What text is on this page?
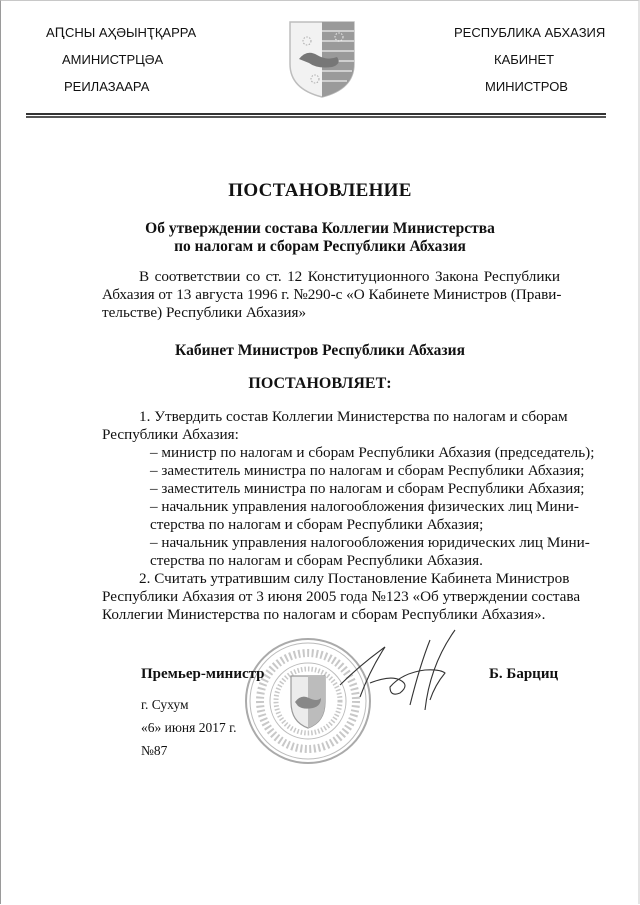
АԤСНЫ АҲӘЫНҬҚАРРА
АМИНИСТРЦӘА
РЕИЛАЗААРА
РЕСПУБЛИКА АБХАЗИЯ
КАБИНЕТ
МИНИСТРОВ
ПОСТАНОВЛЕНИЕ
Об утверждении состава Коллегии Министерства
по налогам и сборам Республики Абхазия
В соответствии со ст. 12 Конституционного Закона Республики
Абхазия от 13 августа 1996 г. №290-с «О Кабинете Министров (Прави-
тельстве) Республики Абхазия»
Кабинет Министров Республики Абхазия
ПОСТАНОВЛЯЕТ:
1. Утвердить состав Коллегии Министерства по налогам и сборам
Республики Абхазия:
– министр по налогам и сборам Республики Абхазия (председатель);
– заместитель министра по налогам и сборам Республики Абхазия;
– заместитель министра по налогам и сборам Республики Абхазия;
– начальник управления налогообложения физических лиц Мини-
стерства по налогам и сборам Республики Абхазия;
– начальник управления налогообложения юридических лиц Мини-
стерства по налогам и сборам Республики Абхазия.
2. Считать утратившим силу Постановление Кабинета Министров
Республики Абхазия от 3 июня 2005 года №123 «Об утверждении состава
Коллегии Министерства по налогам и сборам Республики Абхазия».
Премьер-министр	Б. Барциц
г. Сухум
«6» июня 2017 г.
№87
